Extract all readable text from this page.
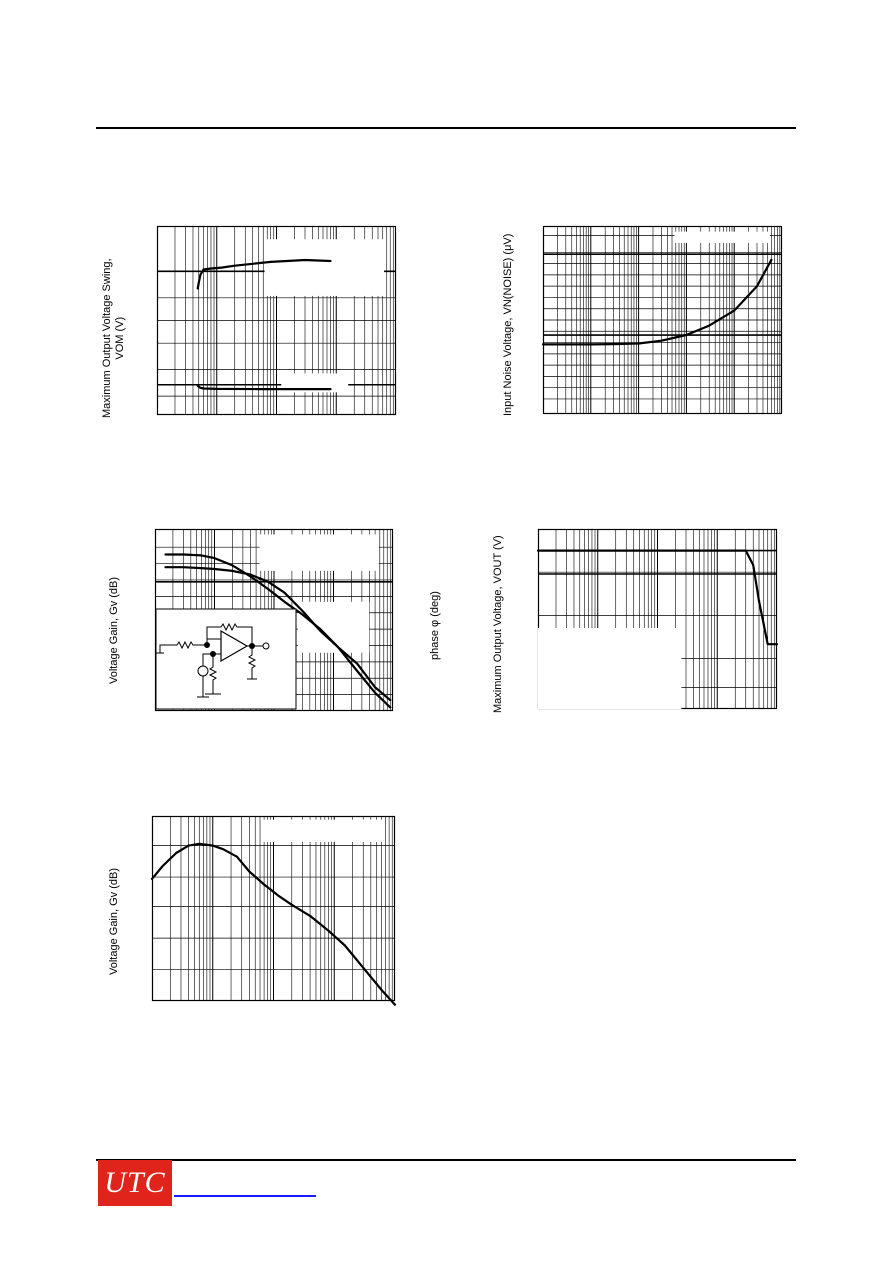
Maximum Output Voltage Swing, VOM (V)	Input Noise Voltage, VN(NOISE) (μV)
Voltage Gain, Gv (dB)	phase φ (deg)	Maximum Output Voltage, VOUT (V)
Voltage Gain, Gv (dB)
UTC
